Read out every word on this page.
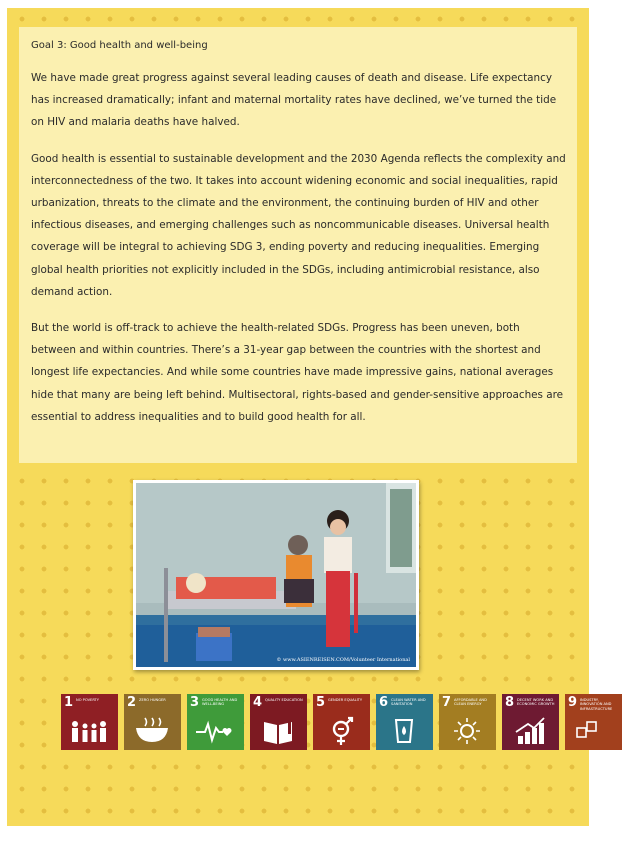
Goal 3: Good health and well-being

We have made great progress against several leading causes of death and disease. Life expectancy has increased dramatically; infant and maternal mortality rates have declined, we’ve turned the tide on HIV and malaria deaths have halved.

Good health is essential to sustainable development and the 2030 Agenda reflects the complexity and interconnectedness of the two. It takes into account widening economic and social inequalities, rapid urbanization, threats to the climate and the environment, the continuing burden of HIV and other infectious diseases, and emerging challenges such as noncommunicable diseases. Universal health coverage will be integral to achieving SDG 3, ending poverty and reducing inequalities. Emerging global health priorities not explicitly included in the SDGs, including antimicrobial resistance, also demand action.

But the world is off-track to achieve the health-related SDGs. Progress has been uneven, both between and within countries. There’s a 31-year gap between the countries with the shortest and longest life expectancies. And while some countries have made impressive gains, national averages hide that many are being left behind. Multisectoral, rights-based and gender-sensitive approaches are essential to address inequalities and to build good health for all.

© www.ASIENREISEN.COM/Volunteer International
1 NO POVERTY	2 ZERO HUNGER	3 GOOD HEALTH AND WELL-BEING	4 QUALITY EDUCATION 5 GENDER EQUALITY	6 CLEAN WATER AND SANITATION	7 AFFORDABLE AND CLEAN ENERGY	8 DECENT WORK AND ECONOMIC GROWTH 9 INDUSTRY, INNOVATION AND INFRASTRUCTURE
